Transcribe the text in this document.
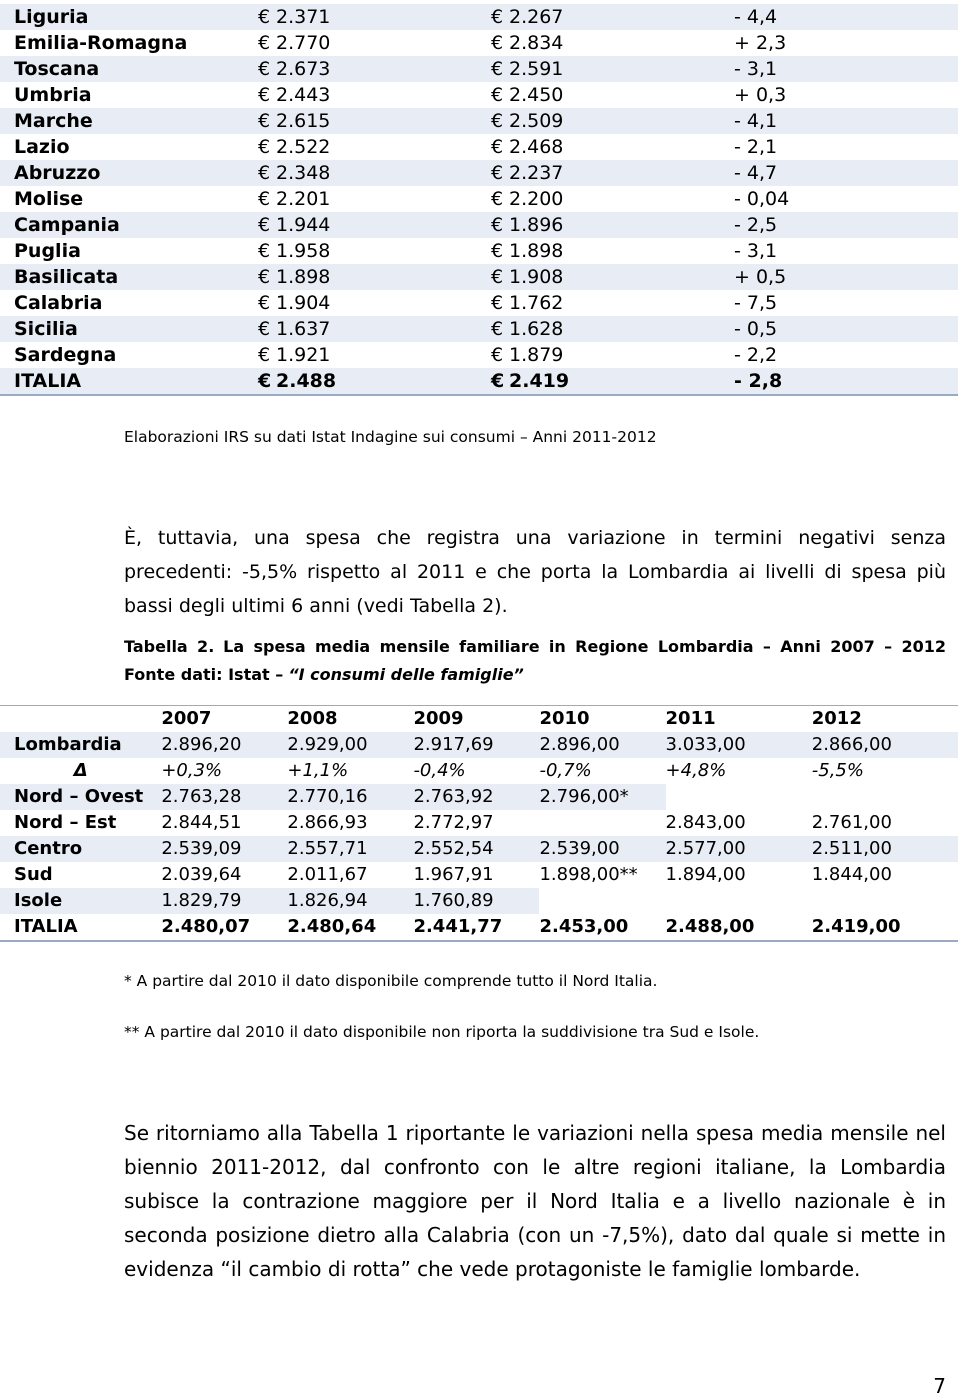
Liguria	€ 2.371	€ 2.267	- 4,4
Emilia-Romagna	€ 2.770	€ 2.834	+ 2,3
Toscana	€ 2.673	€ 2.591	- 3,1
Umbria	€ 2.443	€ 2.450	+ 0,3
Marche	€ 2.615	€ 2.509	- 4,1
Lazio	€ 2.522	€ 2.468	- 2,1
Abruzzo	€ 2.348	€ 2.237	- 4,7
Molise	€ 2.201	€ 2.200	- 0,04
Campania	€ 1.944	€ 1.896	- 2,5
Puglia	€ 1.958	€ 1.898	- 3,1
Basilicata	€ 1.898	€ 1.908	+ 0,5
Calabria	€ 1.904	€ 1.762	- 7,5
Sicilia	€ 1.637	€ 1.628	- 0,5
Sardegna	€ 1.921	€ 1.879	- 2,2
ITALIA	€ 2.488	€ 2.419	- 2,8
Elaborazioni IRS su dati Istat Indagine sui consumi – Anni 2011-2012
È, tuttavia, una spesa che registra una variazione in termini negativi senza precedenti: -5,5% rispetto al 2011 e che porta la Lombardia ai livelli di spesa più bassi degli ultimi 6 anni (vedi Tabella 2).
Tabella 2. La spesa media mensile familiare in Regione Lombardia – Anni 2007 – 2012 Fonte dati: Istat – “I consumi delle famiglie”
	2007	2008	2009	2010	2011	2012
Lombardia	2.896,20	2.929,00	2.917,69	2.896,00	3.033,00	2.866,00
Δ	+0,3%	+1,1%	-0,4%	-0,7%	+4,8%	-5,5%
Nord – Ovest	2.763,28	2.770,16	2.763,92	2.796,00*		
Nord – Est	2.844,51	2.866,93	2.772,97		2.843,00	2.761,00
Centro	2.539,09	2.557,71	2.552,54	2.539,00	2.577,00	2.511,00
Sud	2.039,64	2.011,67	1.967,91	1.898,00**	1.894,00	1.844,00
Isole	1.829,79	1.826,94	1.760,89			
ITALIA	2.480,07	2.480,64	2.441,77	2.453,00	2.488,00	2.419,00
* A partire dal 2010 il dato disponibile comprende tutto il Nord Italia.
** A partire dal 2010 il dato disponibile non riporta la suddivisione tra Sud e Isole.
Se ritorniamo alla Tabella 1 riportante le variazioni nella spesa media mensile nel biennio 2011-2012, dal confronto con le altre regioni italiane, la Lombardia subisce la contrazione maggiore per il Nord Italia e a livello nazionale è in seconda posizione dietro alla Calabria (con un -7,5%), dato dal quale si mette in evidenza “il cambio di rotta” che vede protagoniste le famiglie lombarde.
7
